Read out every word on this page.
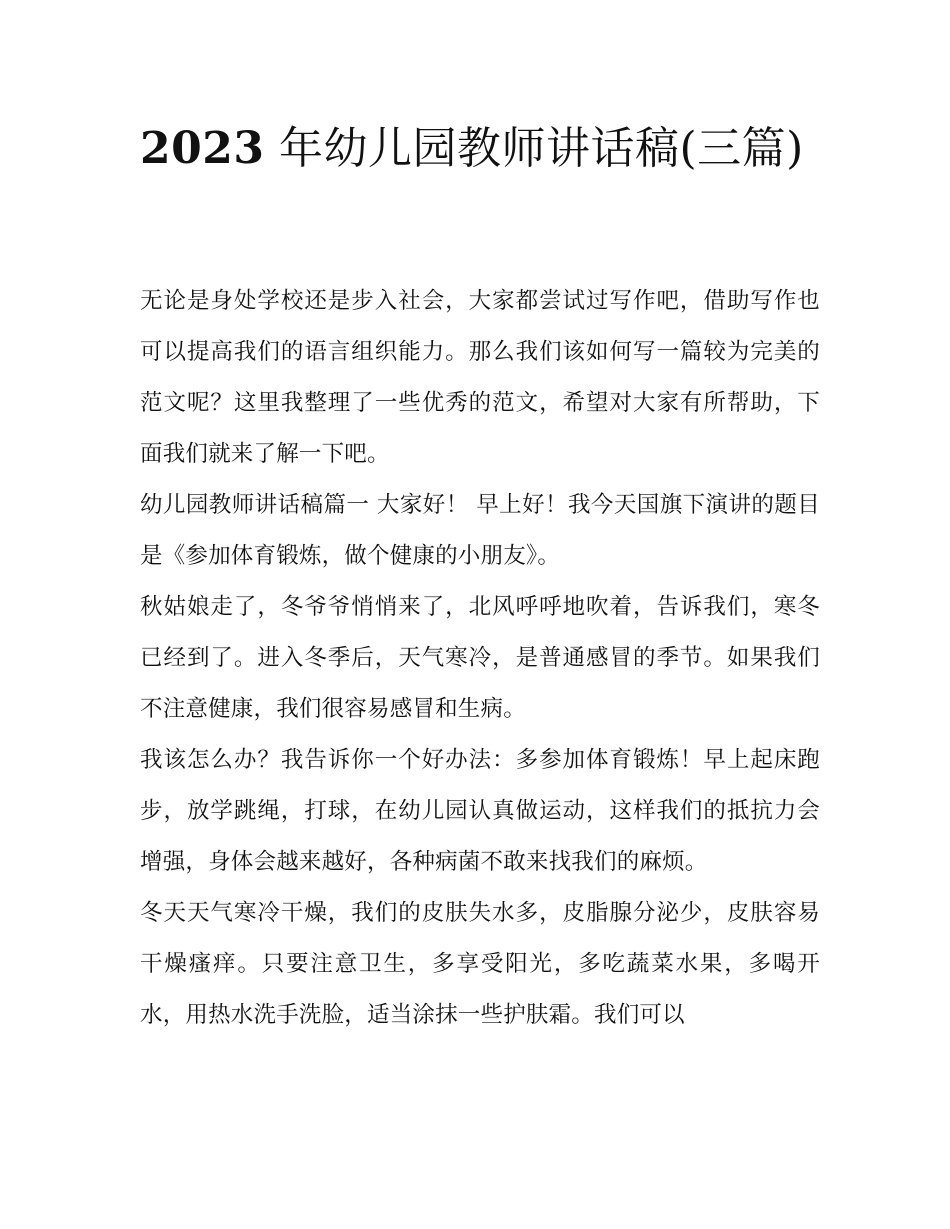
2023 年幼儿园教师讲话稿(三篇)

无论是身处学校还是步入社会，大家都尝试过写作吧，借助写作也可以提高我们的语言组织能力。那么我们该如何写一篇较为完美的范文呢？这里我整理了一些优秀的范文，希望对大家有所帮助，下面我们就来了解一下吧。

幼儿园教师讲话稿篇一 大家好！ 早上好！我今天国旗下演讲的题目是《参加体育锻炼，做个健康的小朋友》。

秋姑娘走了，冬爷爷悄悄来了，北风呼呼地吹着，告诉我们，寒冬已经到了。进入冬季后，天气寒冷，是普通感冒的季节。如果我们不注意健康，我们很容易感冒和生病。

我该怎么办？我告诉你一个好办法：多参加体育锻炼！早上起床跑步，放学跳绳，打球，在幼儿园认真做运动，这样我们的抵抗力会增强，身体会越来越好，各种病菌不敢来找我们的麻烦。

冬天天气寒冷干燥，我们的皮肤失水多，皮脂腺分泌少，皮肤容易干燥瘙痒。只要注意卫生，多享受阳光，多吃蔬菜水果，多喝开水，用热水洗手洗脸，适当涂抹一些护肤霜。我们可以
